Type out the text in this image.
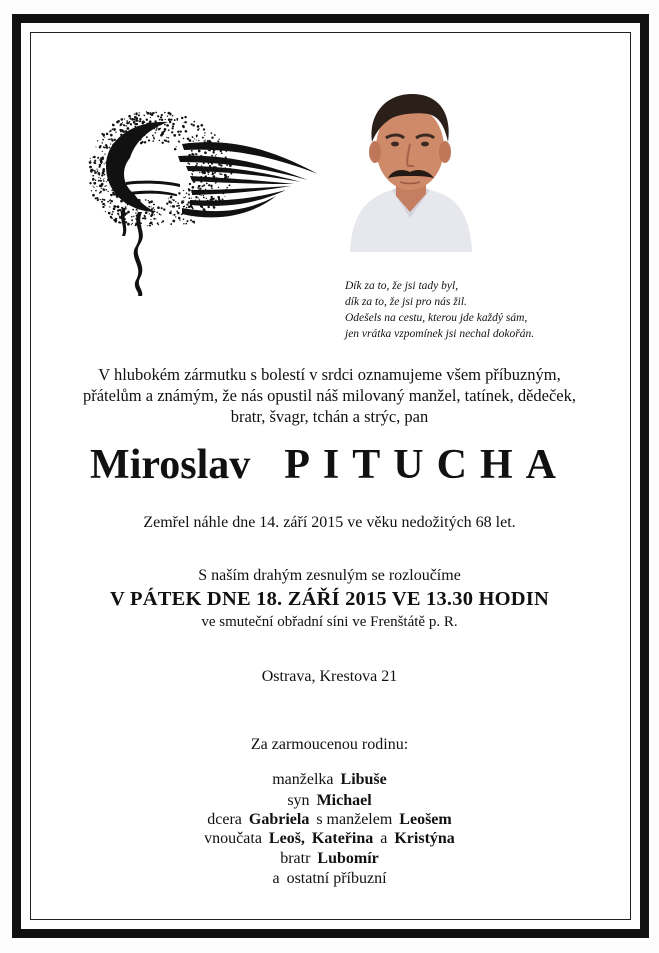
Dík za to, že jsi tady byl,
dík za to, že jsi pro nás žil.
Odešels na cestu, kterou jde každý sám,
jen vrátka vzpomínek jsi nechal dokořán.
V hlubokém zármutku s bolestí v srdci oznamujeme všem příbuzným,
přátelům a známým, že nás opustil náš milovaný manžel, tatínek, dědeček,
bratr, švagr, tchán a strýc, pan
Miroslav PITUCHA
Zemřel náhle dne 14. září 2015 ve věku nedožitých 68 let.
S naším drahým zesnulým se rozloučíme
V PÁTEK DNE 18. ZÁŘÍ 2015 VE 13.30 HODIN
ve smuteční obřadní síni ve Frenštátě p. R.
Ostrava, Krestova 21
Za zarmoucenou rodinu:
manželka Libuše
syn Michael
dcera Gabriela s manželem Leošem
vnoučata Leoš, Kateřina a Kristýna
bratr Lubomír
a ostatní příbuzní
